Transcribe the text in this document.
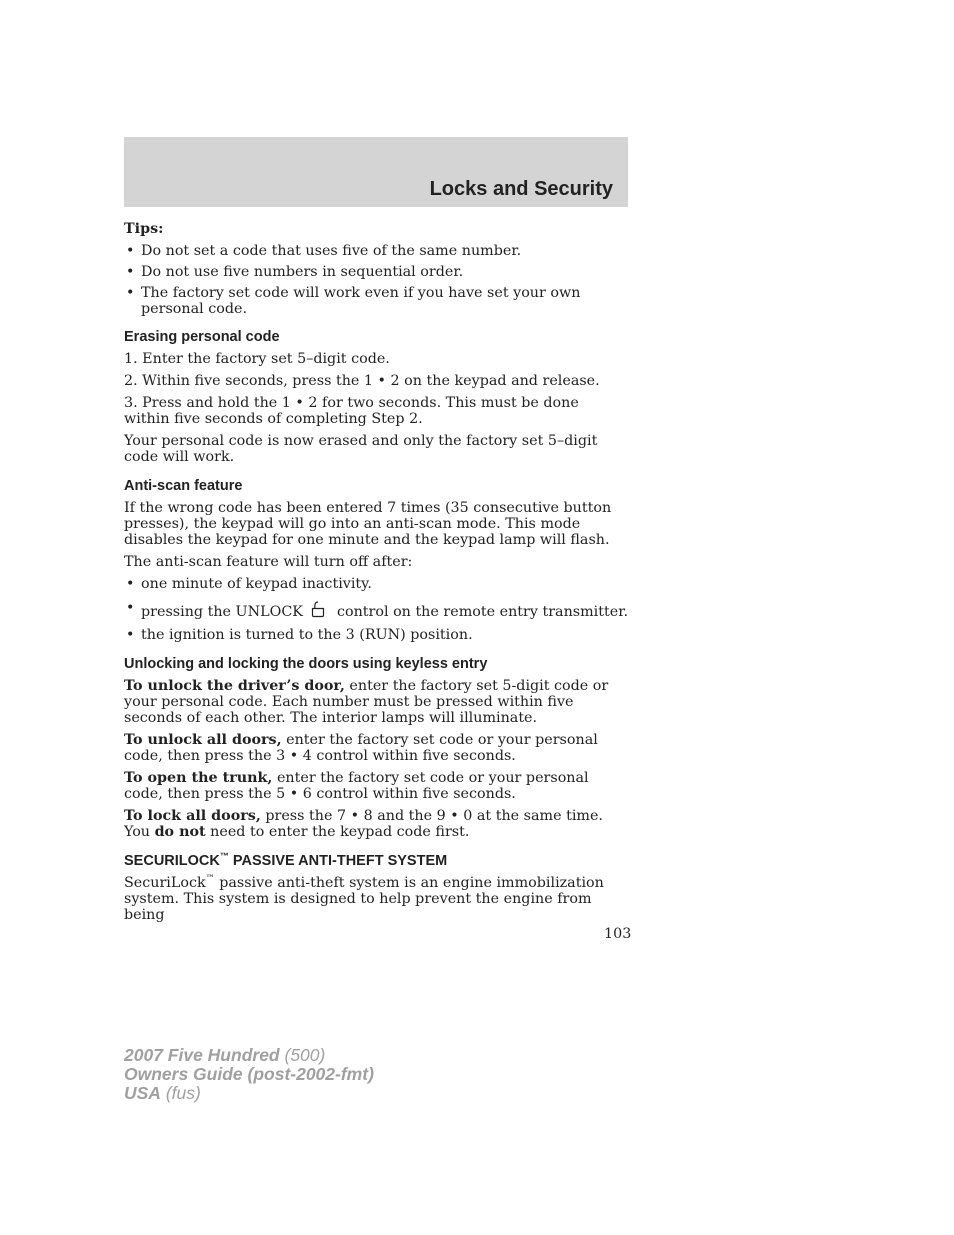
Locks and Security

Tips:

• Do not set a code that uses five of the same number.
• Do not use five numbers in sequential order.
• The factory set code will work even if you have set your own personal code.
Erasing personal code

1. Enter the factory set 5–digit code.

2. Within five seconds, press the 1 • 2 on the keypad and release.

3. Press and hold the 1 • 2 for two seconds. This must be done within five seconds of completing Step 2.

Your personal code is now erased and only the factory set 5–digit code will work.

Anti-scan feature

If the wrong code has been entered 7 times (35 consecutive button presses), the keypad will go into an anti-scan mode. This mode disables the keypad for one minute and the keypad lamp will flash.

The anti-scan feature will turn off after:

• one minute of keypad inactivity.
• pressing the UNLOCK control on the remote entry transmitter.
• the ignition is turned to the 3 (RUN) position.
Unlocking and locking the doors using keyless entry

To unlock the driver’s door, enter the factory set 5-digit code or your personal code. Each number must be pressed within five seconds of each other. The interior lamps will illuminate.

To unlock all doors, enter the factory set code or your personal code, then press the 3 • 4 control within five seconds.

To open the trunk, enter the factory set code or your personal code, then press the 5 • 6 control within five seconds.

To lock all doors, press the 7 • 8 and the 9 • 0 at the same time. You do not need to enter the keypad code first.

SECURILOCK™ PASSIVE ANTI-THEFT SYSTEM

SecuriLock™ passive anti-theft system is an engine immobilization system. This system is designed to help prevent the engine from being

103
2007 Five Hundred (500)
Owners Guide (post-2002-fmt)
USA (fus)
